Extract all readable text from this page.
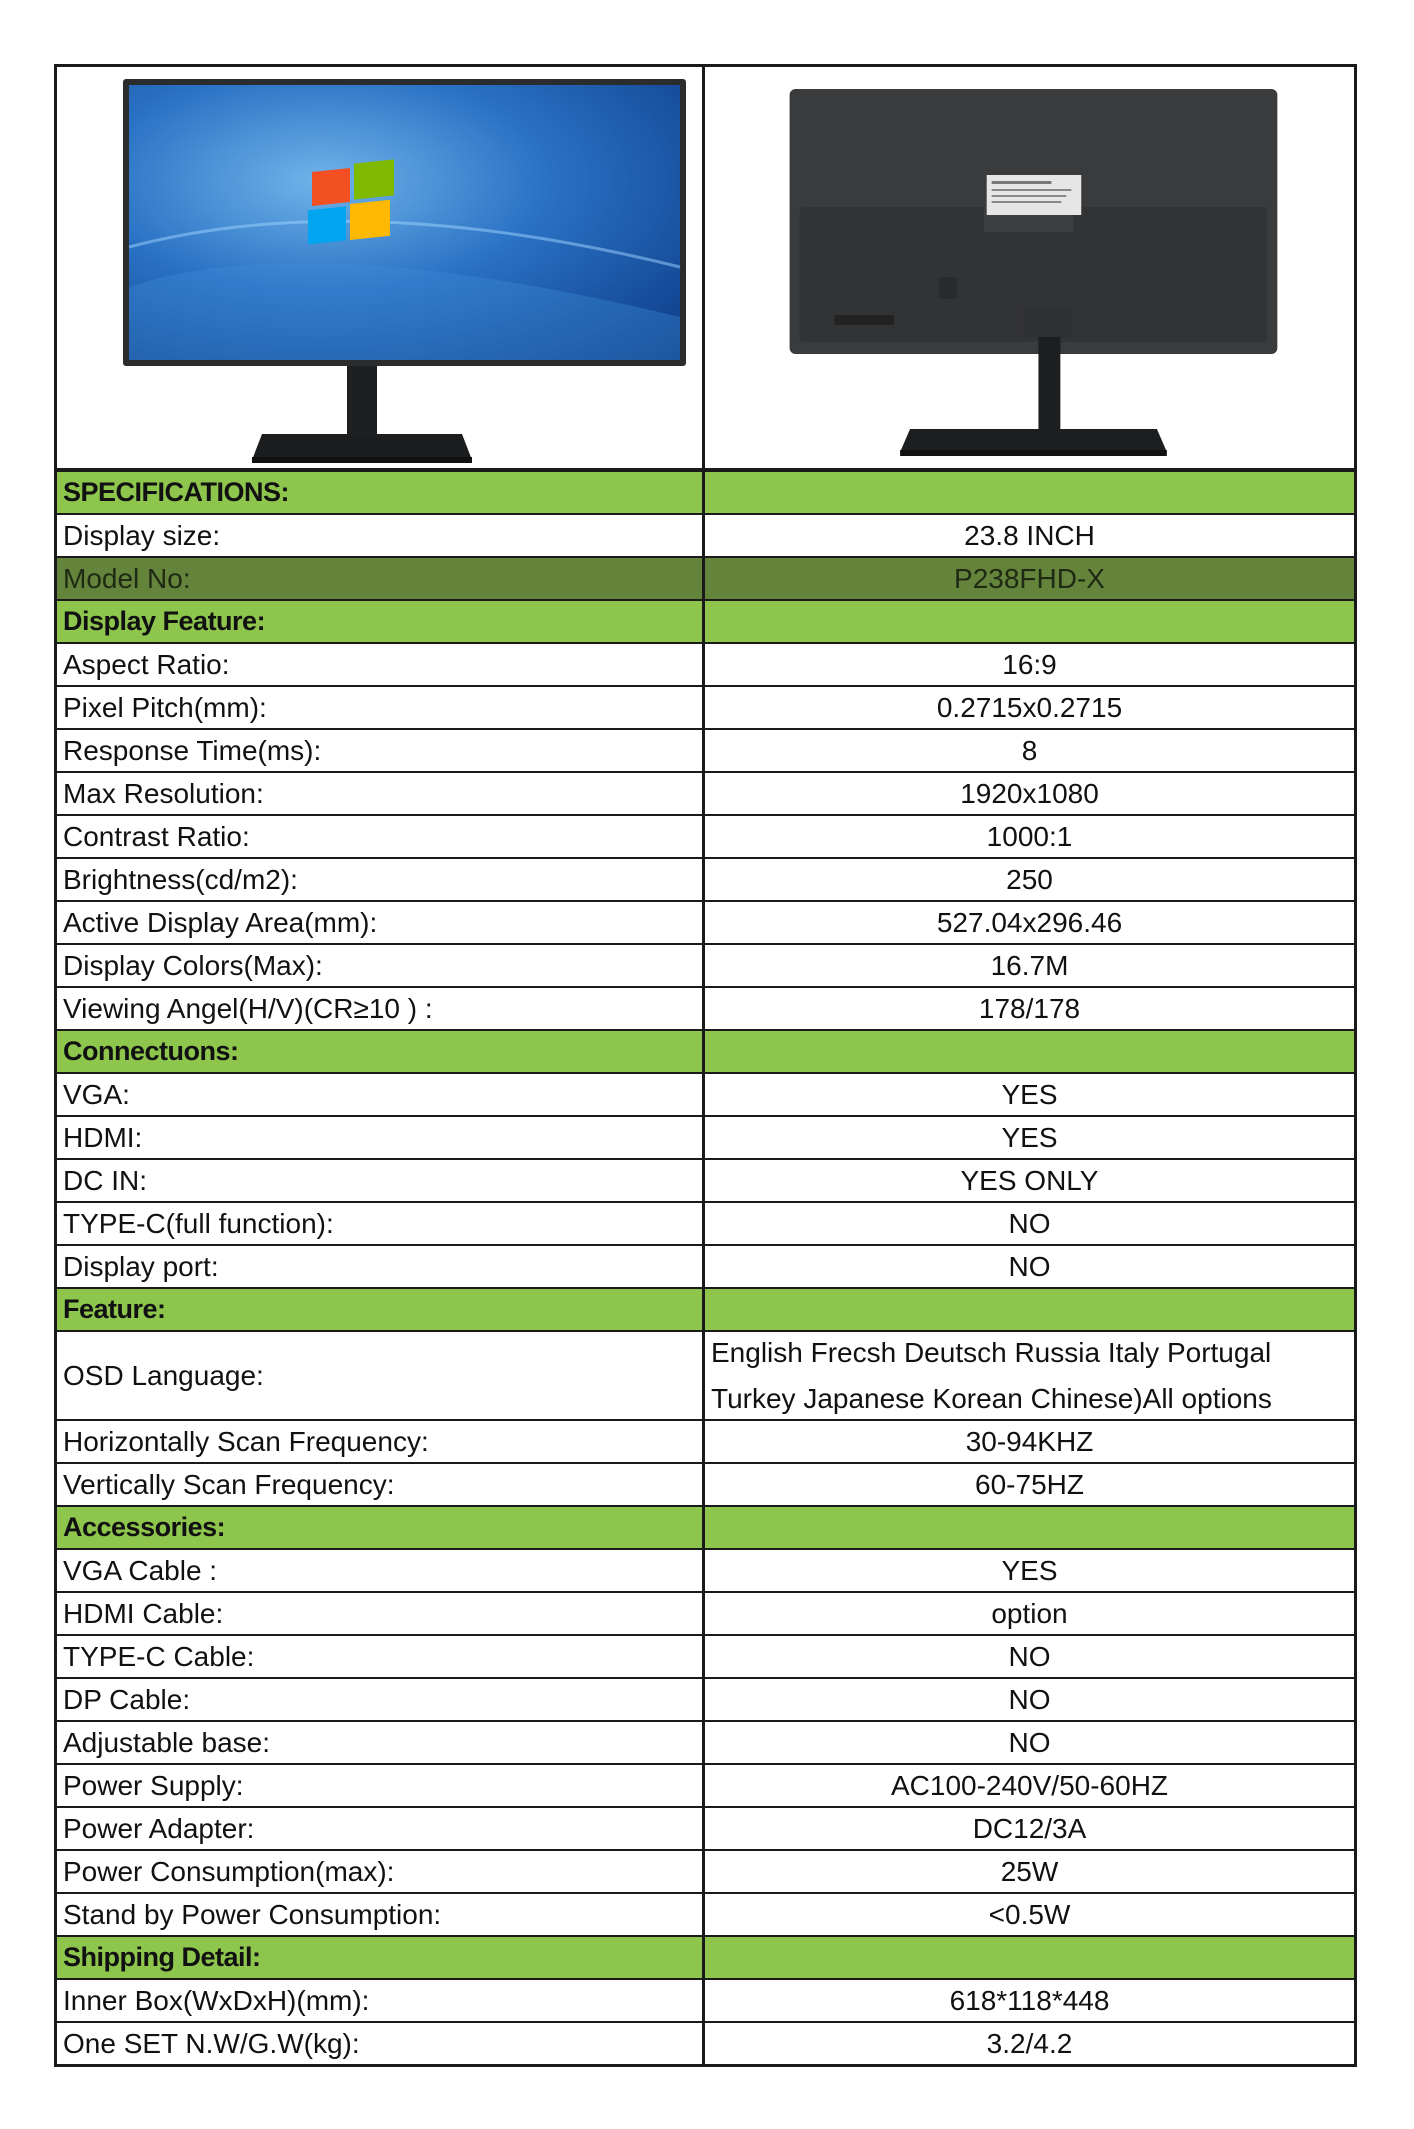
SPECIFICATIONS:
Display size:	23.8 INCH
Model No:	P238FHD-X
Display Feature:
Aspect Ratio:	16:9
Pixel Pitch(mm):	0.2715x0.2715
Response Time(ms):	8
Max Resolution:	1920x1080
Contrast Ratio:	1000:1
Brightness(cd/m2):	250
Active Display Area(mm):	527.04x296.46
Display Colors(Max):	16.7M
Viewing Angel(H/V)(CR≥10 ) :	178/178
Connectuons:
VGA:	YES
HDMI:	YES
DC IN:	YES ONLY
TYPE-C(full function):	NO
Display port:	NO
Feature:
OSD Language:
English Frecsh Deutsch Russia Italy Portugal
Turkey Japanese Korean Chinese)All options
Horizontally Scan Frequency:	30-94KHZ
Vertically Scan Frequency:	60-75HZ
Accessories:
VGA Cable :	YES
HDMI Cable:	option
TYPE-C Cable:	NO
DP Cable:	NO
Adjustable base:	NO
Power Supply:	AC100-240V/50-60HZ
Power Adapter:	DC12/3A
Power Consumption(max):	25W
Stand by Power Consumption:	<0.5W
Shipping Detail:
Inner Box(WxDxH)(mm):	618*118*448
One SET N.W/G.W(kg):	3.2/4.2
